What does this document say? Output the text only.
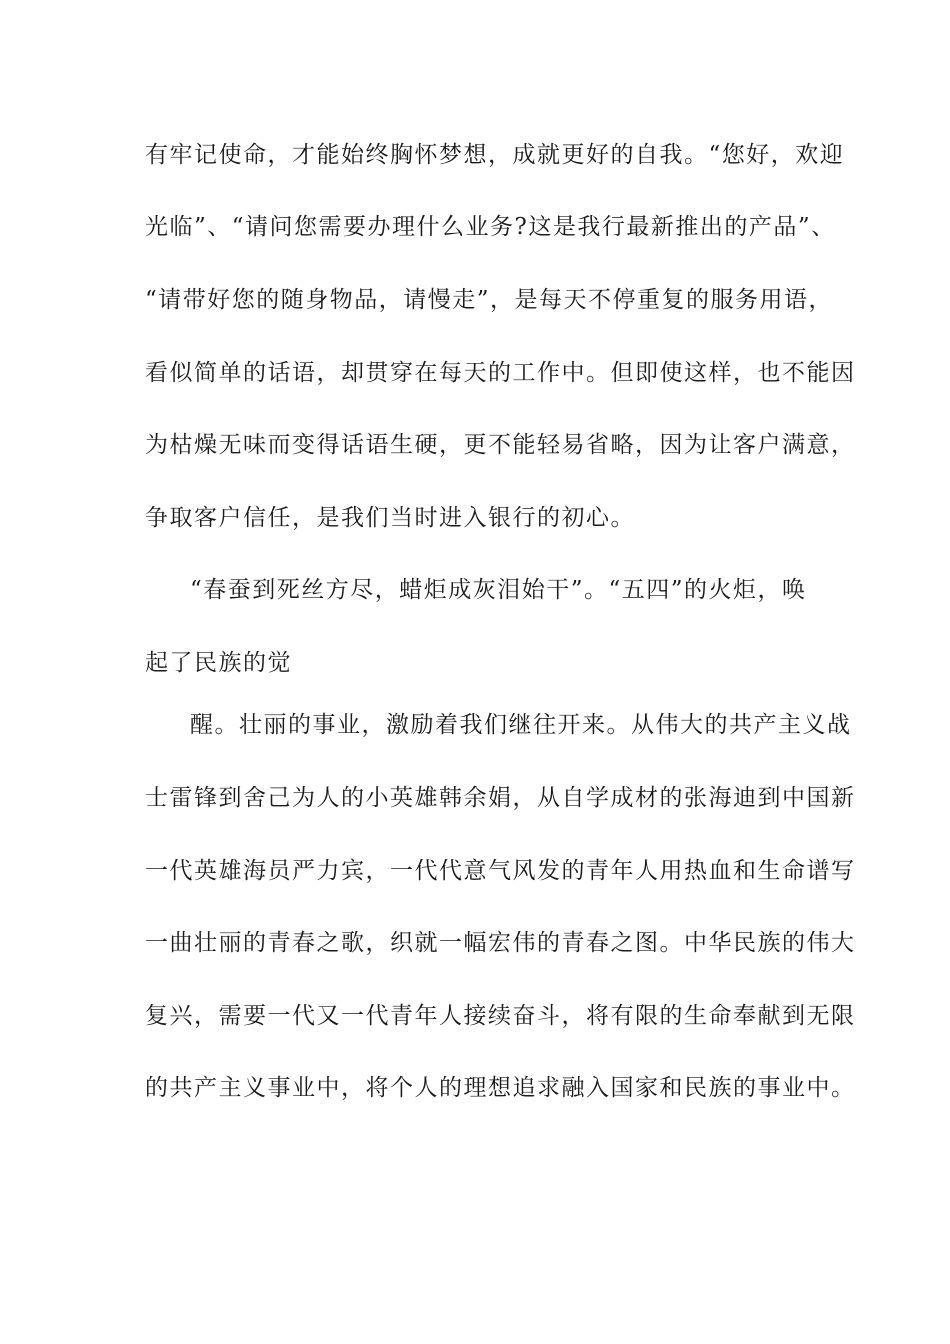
有牢记使命，才能始终胸怀梦想，成就更好的自我。“您好，欢迎
光临”、“请问您需要办理什么业务?这是我行最新推出的产品”、
“请带好您的随身物品，请慢走”，是每天不停重复的服务用语，
看似简单的话语，却贯穿在每天的工作中。但即使这样，也不能因
为枯燥无味而变得话语生硬，更不能轻易省略，因为让客户满意，
争取客户信任，是我们当时进入银行的初心。
“春蚕到死丝方尽，蜡炬成灰泪始干”。“五四”的火炬，唤
起了民族的觉
醒。壮丽的事业，激励着我们继往开来。从伟大的共产主义战
士雷锋到舍己为人的小英雄韩余娟，从自学成材的张海迪到中国新
一代英雄海员严力宾，一代代意气风发的青年人用热血和生命谱写
一曲壮丽的青春之歌，织就一幅宏伟的青春之图。中华民族的伟大
复兴，需要一代又一代青年人接续奋斗，将有限的生命奉献到无限
的共产主义事业中，将个人的理想追求融入国家和民族的事业中。
